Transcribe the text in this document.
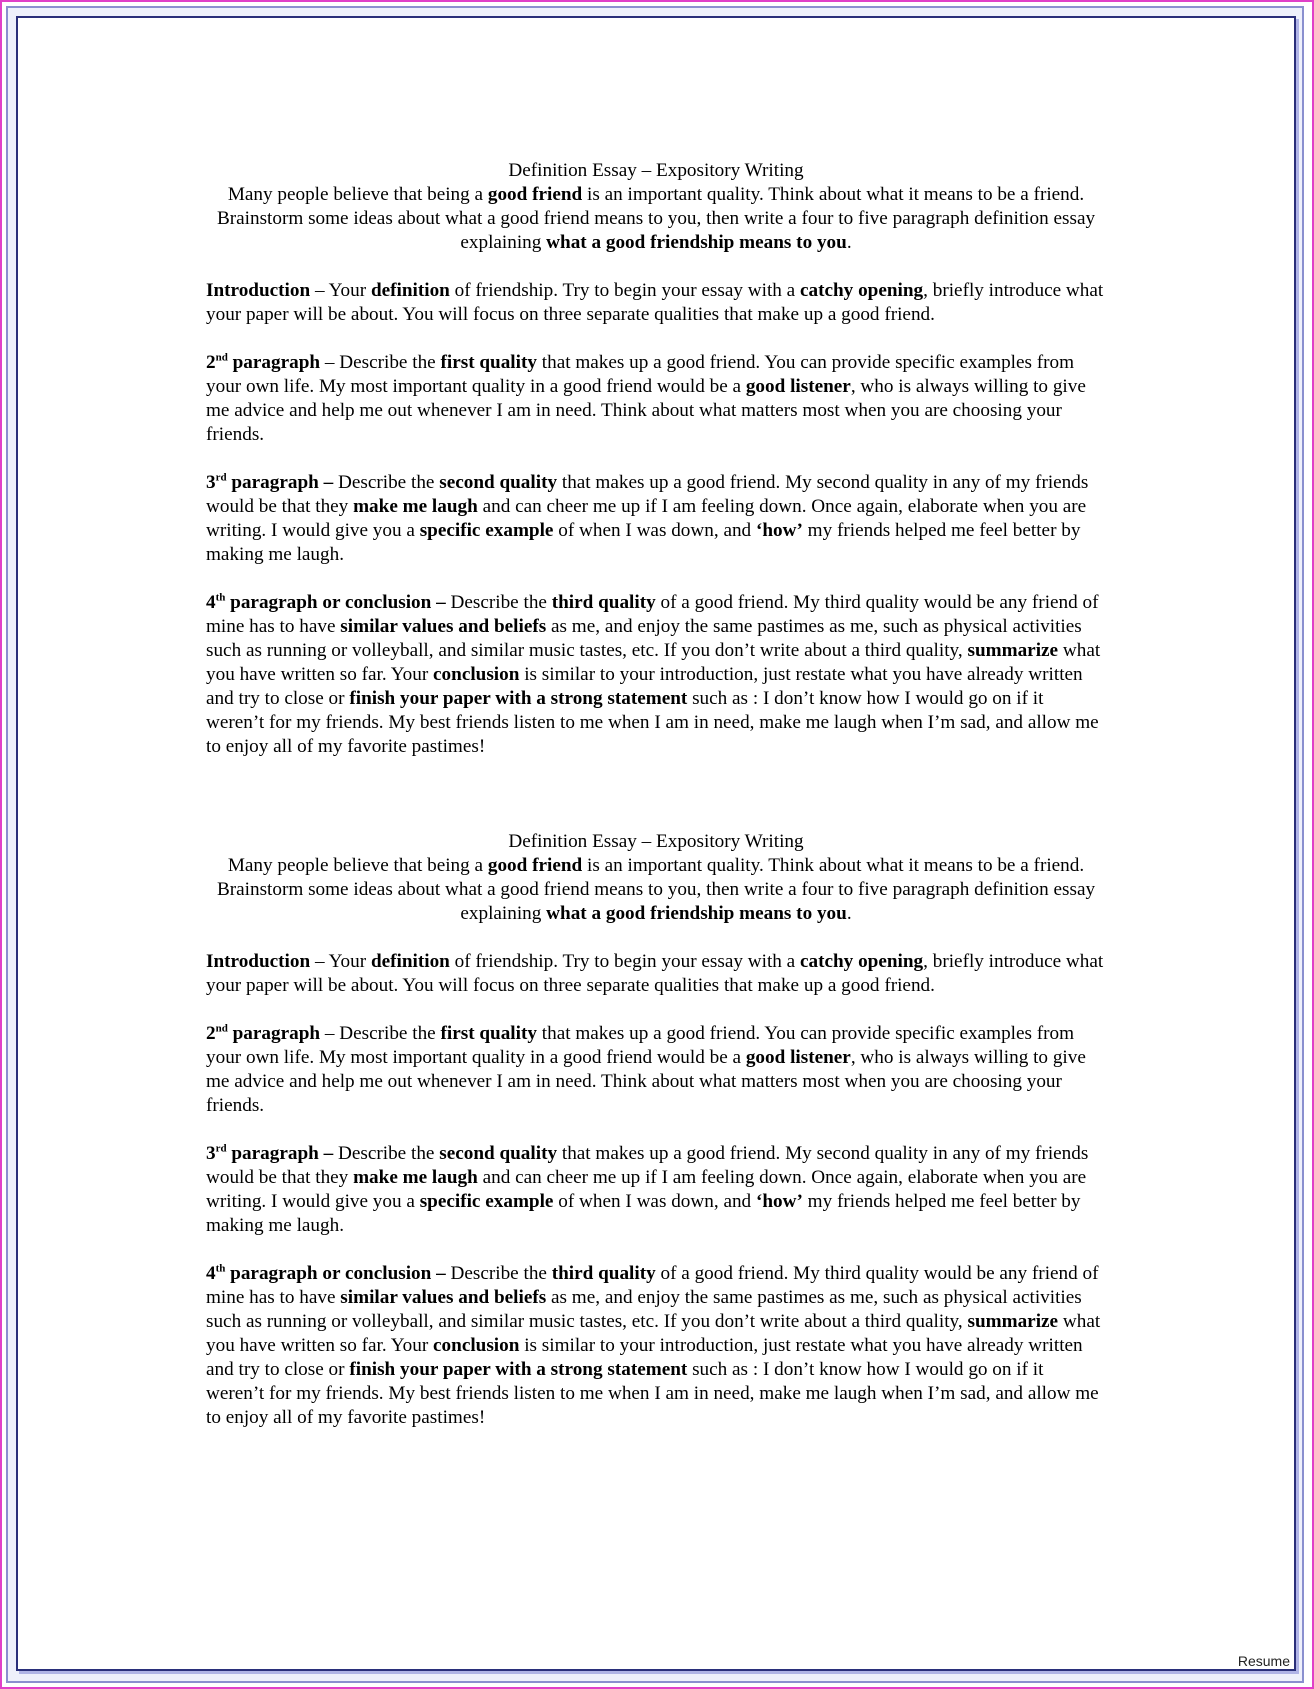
Definition Essay – Expository Writing

Many people believe that being a good friend is an important quality. Think about what it means to be a friend. Brainstorm some ideas about what a good friend means to you, then write a four to five paragraph definition essay explaining what a good friendship means to you.

Introduction – Your definition of friendship. Try to begin your essay with a catchy opening, briefly introduce what your paper will be about. You will focus on three separate qualities that make up a good friend.

2nd paragraph – Describe the first quality that makes up a good friend. You can provide specific examples from your own life. My most important quality in a good friend would be a good listener, who is always willing to give me advice and help me out whenever I am in need. Think about what matters most when you are choosing your friends.

3rd paragraph – Describe the second quality that makes up a good friend. My second quality in any of my friends would be that they make me laugh and can cheer me up if I am feeling down. Once again, elaborate when you are writing. I would give you a specific example of when I was down, and ‘how’ my friends helped me feel better by making me laugh.

4th paragraph or conclusion – Describe the third quality of a good friend. My third quality would be any friend of mine has to have similar values and beliefs as me, and enjoy the same pastimes as me, such as physical activities such as running or volleyball, and similar music tastes, etc. If you don’t write about a third quality, summarize what you have written so far. Your conclusion is similar to your introduction, just restate what you have already written and try to close or finish your paper with a strong statement such as : I don’t know how I would go on if it weren’t for my friends. My best friends listen to me when I am in need, make me laugh when I’m sad, and allow me to enjoy all of my favorite pastimes!

Definition Essay – Expository Writing

Many people believe that being a good friend is an important quality. Think about what it means to be a friend. Brainstorm some ideas about what a good friend means to you, then write a four to five paragraph definition essay explaining what a good friendship means to you.

Introduction – Your definition of friendship. Try to begin your essay with a catchy opening, briefly introduce what your paper will be about. You will focus on three separate qualities that make up a good friend.

2nd paragraph – Describe the first quality that makes up a good friend. You can provide specific examples from your own life. My most important quality in a good friend would be a good listener, who is always willing to give me advice and help me out whenever I am in need. Think about what matters most when you are choosing your friends.

3rd paragraph – Describe the second quality that makes up a good friend. My second quality in any of my friends would be that they make me laugh and can cheer me up if I am feeling down. Once again, elaborate when you are writing. I would give you a specific example of when I was down, and ‘how’ my friends helped me feel better by making me laugh.

4th paragraph or conclusion – Describe the third quality of a good friend. My third quality would be any friend of mine has to have similar values and beliefs as me, and enjoy the same pastimes as me, such as physical activities such as running or volleyball, and similar music tastes, etc. If you don’t write about a third quality, summarize what you have written so far. Your conclusion is similar to your introduction, just restate what you have already written and try to close or finish your paper with a strong statement such as : I don’t know how I would go on if it weren’t for my friends. My best friends listen to me when I am in need, make me laugh when I’m sad, and allow me to enjoy all of my favorite pastimes!

Resume
